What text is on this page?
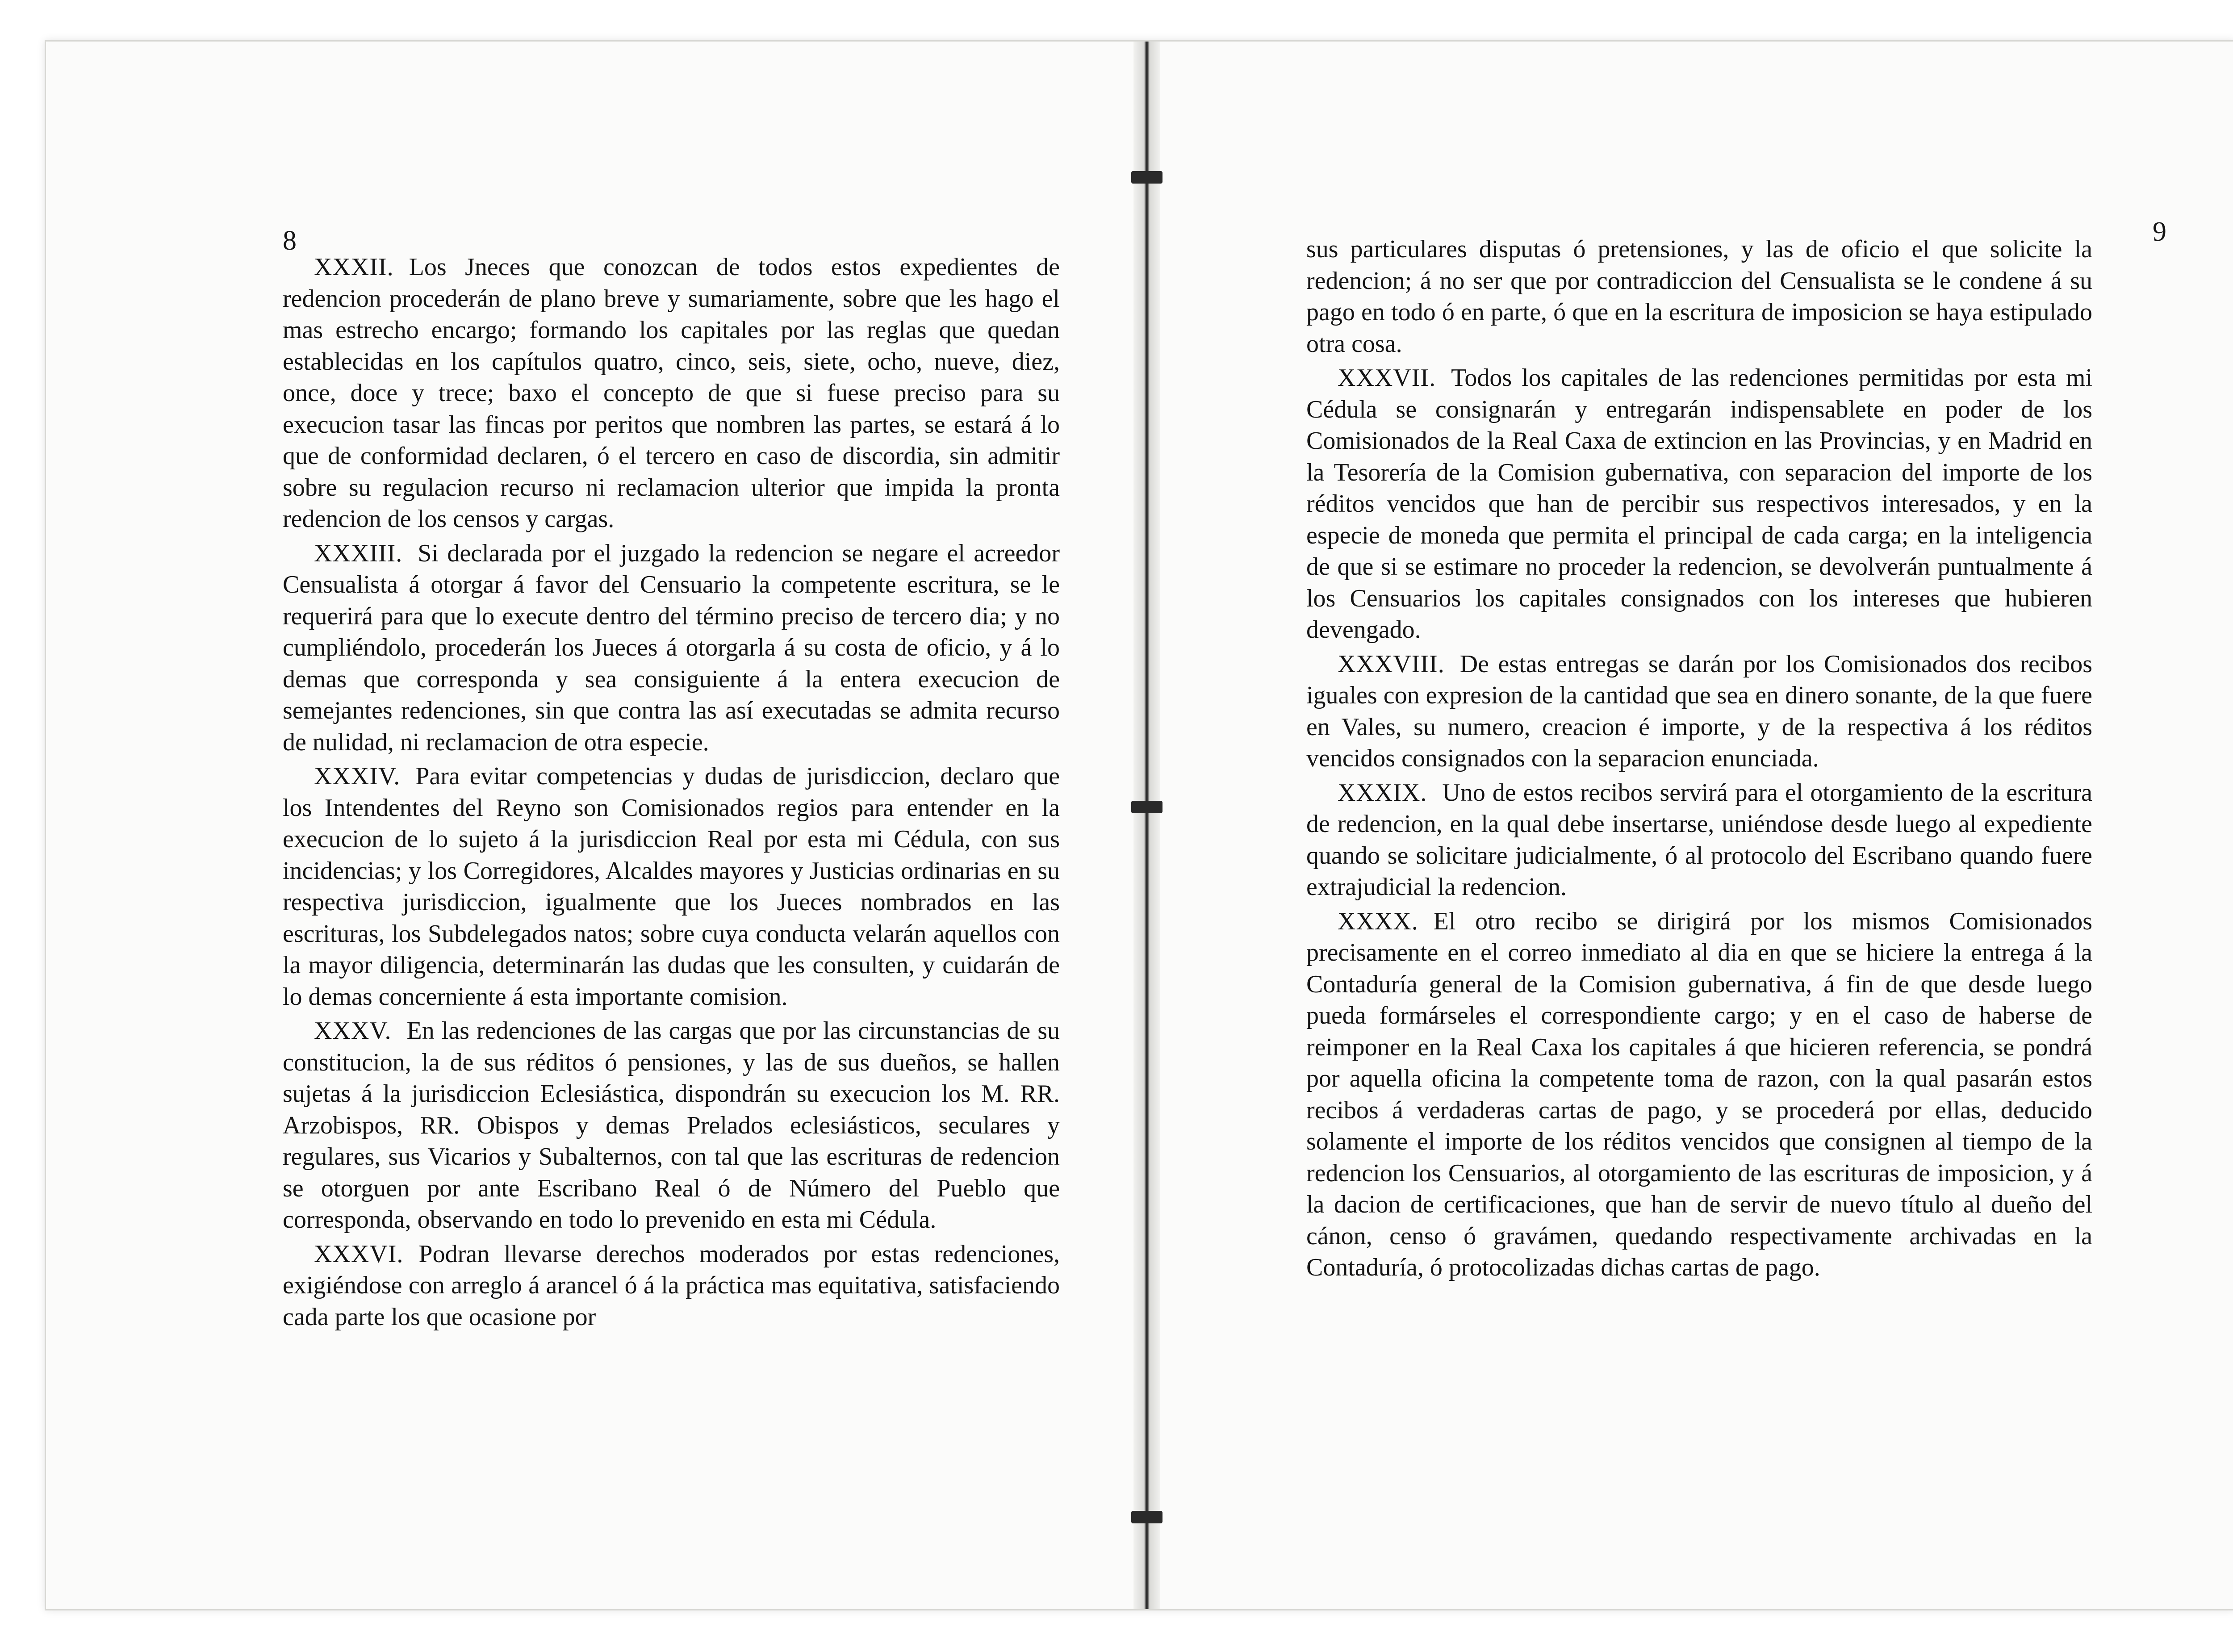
8

XXXII. Los Jneces que conozcan de todos estos expedientes de redencion procederán de plano breve y sumariamente, sobre que les hago el mas estrecho encargo; formando los capitales por las reglas que quedan establecidas en los capítulos quatro, cinco, seis, siete, ocho, nueve, diez, once, doce y trece; baxo el concepto de que si fuese preciso para su execucion tasar las fincas por peritos que nombren las partes, se estará á lo que de conformidad declaren, ó el tercero en caso de discordia, sin admitir sobre su regulacion recurso ni reclamacion ulterior que impida la pronta redencion de los censos y cargas.

XXXIII. Si declarada por el juzgado la redencion se negare el acreedor Censualista á otorgar á favor del Censuario la competente escritura, se le requerirá para que lo execute dentro del término preciso de tercero dia; y no cumpliéndolo, procederán los Jueces á otorgarla á su costa de oficio, y á lo demas que corresponda y sea consiguiente á la entera execucion de semejantes redenciones, sin que contra las así executadas se admita recurso de nulidad, ni reclamacion de otra especie.

XXXIV. Para evitar competencias y dudas de jurisdiccion, declaro que los Intendentes del Reyno son Comisionados regios para entender en la execucion de lo sujeto á la jurisdiccion Real por esta mi Cédula, con sus incidencias; y los Corregidores, Alcaldes mayores y Justicias ordinarias en su respectiva jurisdiccion, igualmente que los Jueces nombrados en las escrituras, los Subdelegados natos; sobre cuya conducta velarán aquellos con la mayor diligencia, determinarán las dudas que les consulten, y cuidarán de lo demas concerniente á esta importante comision.

XXXV. En las redenciones de las cargas que por las circunstancias de su constitucion, la de sus réditos ó pensiones, y las de sus dueños, se hallen sujetas á la jurisdiccion Eclesiástica, dispondrán su execucion los M. RR. Arzobispos, RR. Obispos y demas Prelados eclesiásticos, seculares y regulares, sus Vicarios y Subalternos, con tal que las escrituras de redencion se otorguen por ante Escribano Real ó de Número del Pueblo que corresponda, observando en todo lo prevenido en esta mi Cédula.

XXXVI. Podran llevarse derechos moderados por estas redenciones, exigiéndose con arreglo á arancel ó á la práctica mas equitativa, satisfaciendo cada parte los que ocasione por

9

sus particulares disputas ó pretensiones, y las de oficio el que solicite la redencion; á no ser que por contradiccion del Censualista se le condene á su pago en todo ó en parte, ó que en la escritura de imposicion se haya estipulado otra cosa.

XXXVII. Todos los capitales de las redenciones permitidas por esta mi Cédula se consignarán y entregarán indispensablete en poder de los Comisionados de la Real Caxa de extincion en las Provincias, y en Madrid en la Tesorería de la Comision gubernativa, con separacion del importe de los réditos vencidos que han de percibir sus respectivos interesados, y en la especie de moneda que permita el principal de cada carga; en la inteligencia de que si se estimare no proceder la redencion, se devolverán puntualmente á los Censuarios los capitales consignados con los intereses que hubieren devengado.

XXXVIII. De estas entregas se darán por los Comisionados dos recibos iguales con expresion de la cantidad que sea en dinero sonante, de la que fuere en Vales, su numero, creacion é importe, y de la respectiva á los réditos vencidos consignados con la separacion enunciada.

XXXIX. Uno de estos recibos servirá para el otorgamiento de la escritura de redencion, en la qual debe insertarse, uniéndose desde luego al expediente quando se solicitare judicialmente, ó al protocolo del Escribano quando fuere extrajudicial la redencion.

XXXX. El otro recibo se dirigirá por los mismos Comisionados precisamente en el correo inmediato al dia en que se hiciere la entrega á la Contaduría general de la Comision gubernativa, á fin de que desde luego pueda formárseles el correspondiente cargo; y en el caso de haberse de reimponer en la Real Caxa los capitales á que hicieren referencia, se pondrá por aquella oficina la competente toma de razon, con la qual pasarán estos recibos á verdaderas cartas de pago, y se procederá por ellas, deducido solamente el importe de los réditos vencidos que consignen al tiempo de la redencion los Censuarios, al otorgamiento de las escrituras de imposicion, y á la dacion de certificaciones, que han de servir de nuevo título al dueño del cánon, censo ó gravámen, quedando respectivamente archivadas en la Contaduría, ó protocolizadas dichas cartas de pago.
